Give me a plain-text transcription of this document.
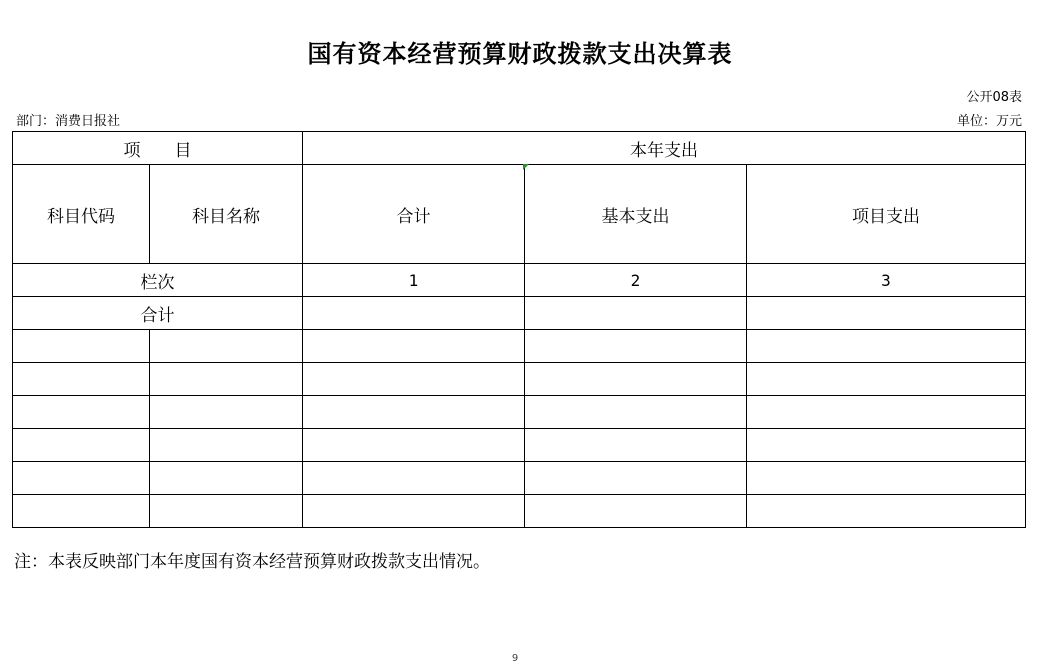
国有资本经营预算财政拨款支出决算表
公开08表
部门：消费日报社	单位：万元
项　　目		本年支出		
科目代码	科目名称	合计	基本支出	项目支出
栏次		1	2	3
合计				

注：本表反映部门本年度国有资本经营预算财政拨款支出情况。
9
